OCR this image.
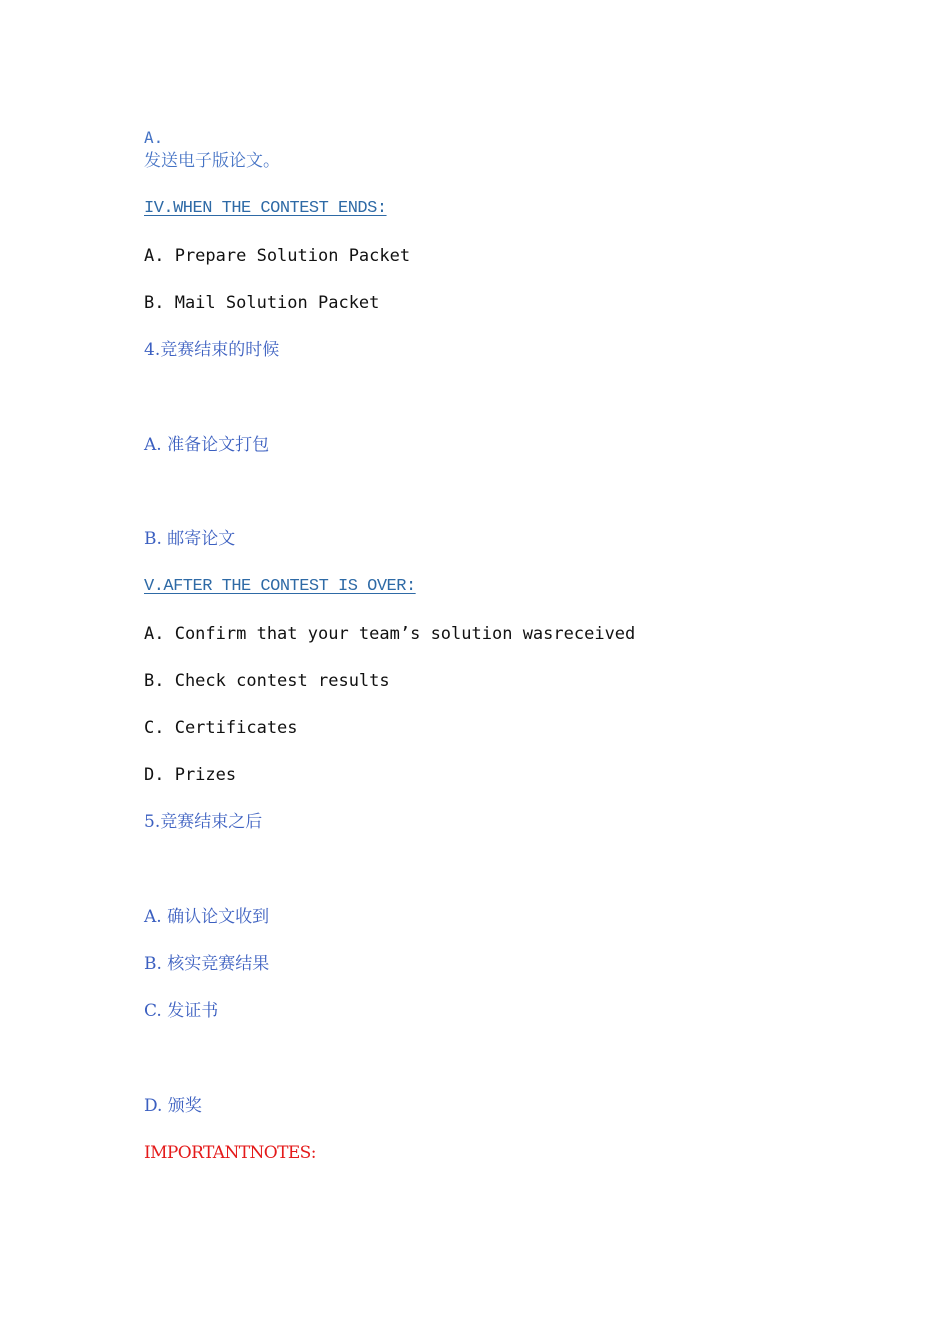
A.
发送电子版论文。
IV.WHEN THE CONTEST ENDS:
A. Prepare Solution Packet
B. Mail Solution Packet
4.竞赛结束的时候
A. 准备论文打包
B. 邮寄论文
V.AFTER THE CONTEST IS OVER:
A. Confirm that your team’s solution wasreceived
B. Check contest results
C. Certificates
D. Prizes
5.竞赛结束之后
A. 确认论文收到
B. 核实竞赛结果
C. 发证书
D. 颁奖
IMPORTANTNOTES:
